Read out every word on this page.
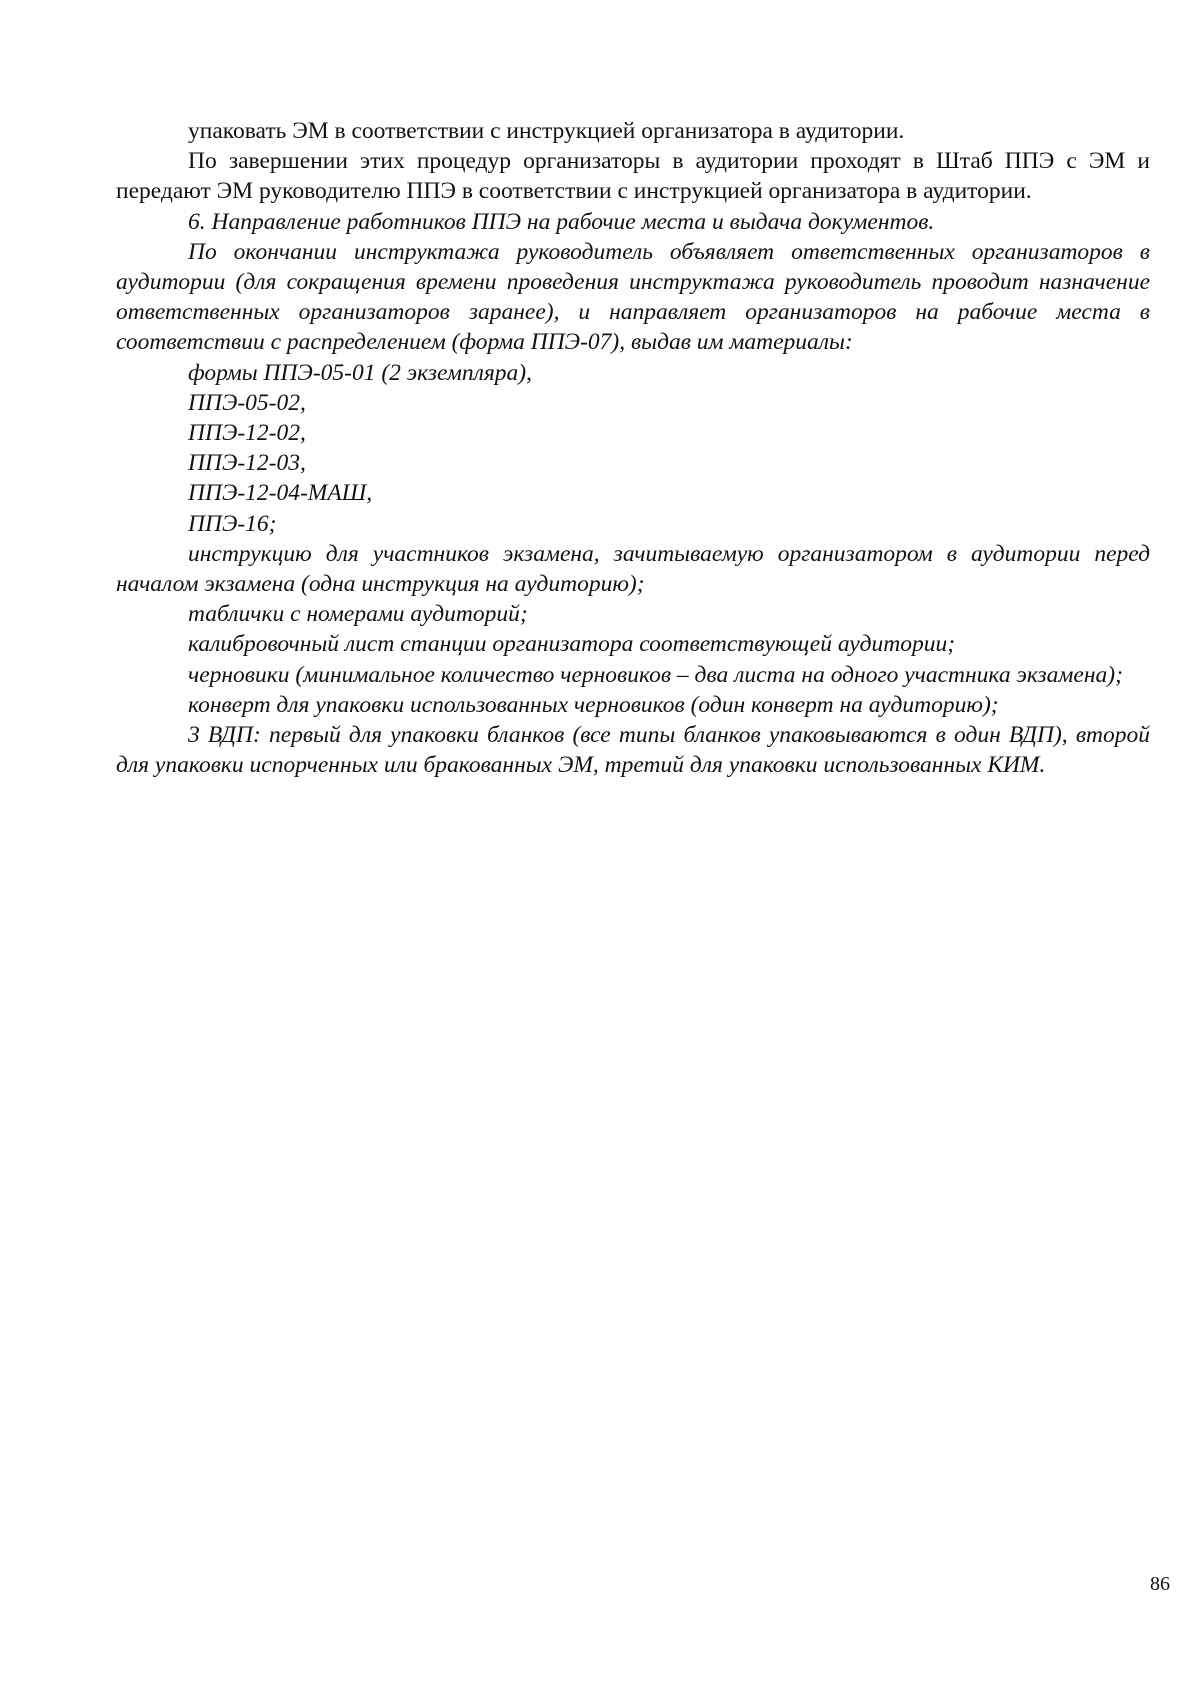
упаковать ЭМ в соответствии с инструкцией организатора в аудитории.

По завершении этих процедур организаторы в аудитории проходят в Штаб ППЭ с ЭМ и передают ЭМ руководителю ППЭ в соответствии с инструкцией организатора в аудитории.

6. Направление работников ППЭ на рабочие места и выдача документов.

По окончании инструктажа руководитель объявляет ответственных организаторов в аудитории (для сокращения времени проведения инструктажа руководитель проводит назначение ответственных организаторов заранее), и направляет организаторов на рабочие места в соответствии с распределением (форма ППЭ-07), выдав им материалы:

формы ППЭ-05-01 (2 экземпляра),

ППЭ-05-02,

ППЭ-12-02,

ППЭ-12-03,

ППЭ-12-04-МАШ,

ППЭ-16;

инструкцию для участников экзамена, зачитываемую организатором в аудитории перед началом экзамена (одна инструкция на аудиторию);

таблички с номерами аудиторий;

калибровочный лист станции организатора соответствующей аудитории;

черновики (минимальное количество черновиков – два листа на одного участника экзамена);

конверт для упаковки использованных черновиков (один конверт на аудиторию);

3 ВДП: первый для упаковки бланков (все типы бланков упаковываются в один ВДП), второй для упаковки испорченных или бракованных ЭМ, третий для упаковки использованных КИМ.

86
